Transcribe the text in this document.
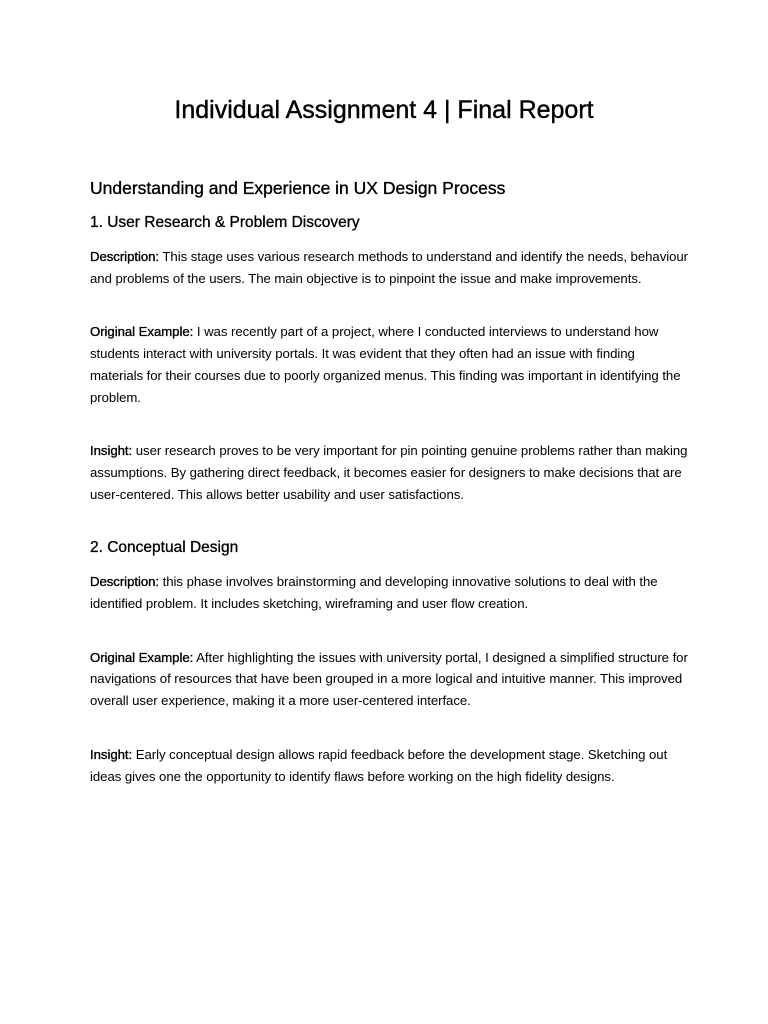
Individual Assignment 4 | Final Report
Understanding and Experience in UX Design Process
1. User Research & Problem Discovery

Description: This stage uses various research methods to understand and identify the needs, behaviour and problems of the users. The main objective is to pinpoint the issue and make improvements.

Original Example: I was recently part of a project, where I conducted interviews to understand how students interact with university portals. It was evident that they often had an issue with finding materials for their courses due to poorly organized menus. This finding was important in identifying the problem.

Insight: user research proves to be very important for pin pointing genuine problems rather than making assumptions. By gathering direct feedback, it becomes easier for designers to make decisions that are user-centered. This allows better usability and user satisfactions.

2. Conceptual Design

Description: this phase involves brainstorming and developing innovative solutions to deal with the identified problem. It includes sketching, wireframing and user flow creation.

Original Example: After highlighting the issues with university portal, I designed a simplified structure for navigations of resources that have been grouped in a more logical and intuitive manner. This improved overall user experience, making it a more user-centered interface.

Insight: Early conceptual design allows rapid feedback before the development stage. Sketching out ideas gives one the opportunity to identify flaws before working on the high fidelity designs.
